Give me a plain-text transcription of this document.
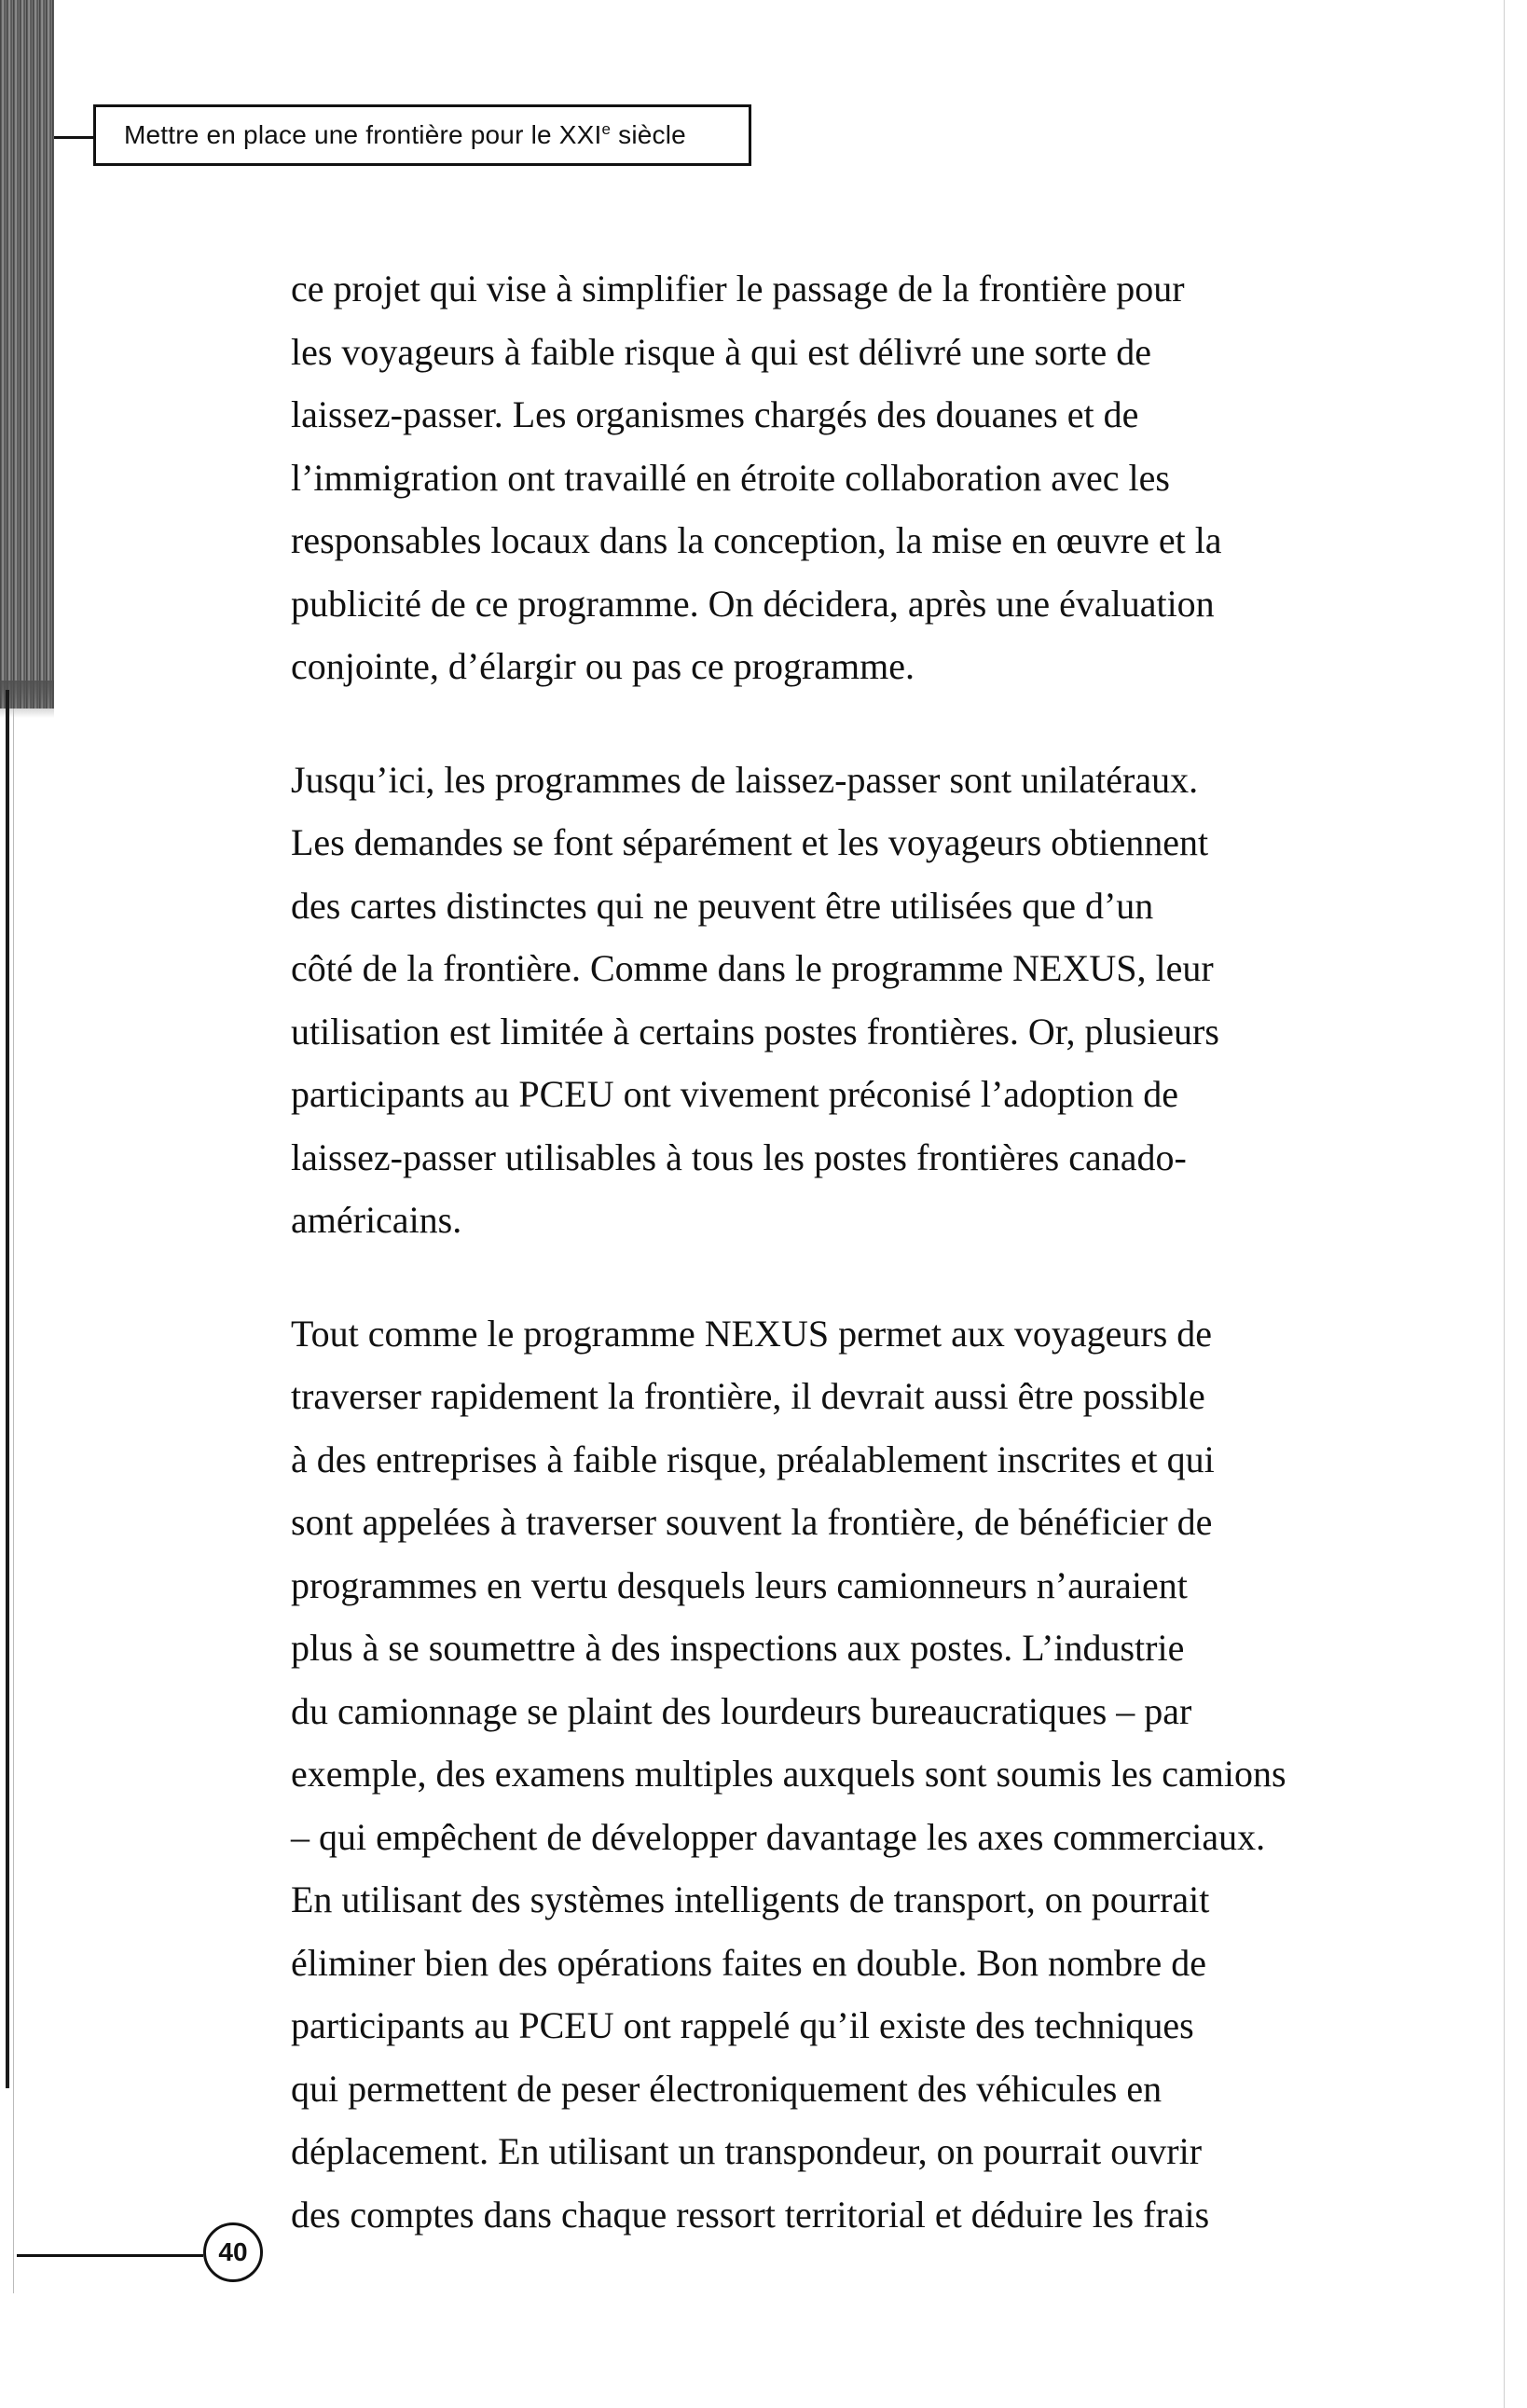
Mettre en place une frontière pour le XXIe siècle
ce projet qui vise à simplifier le passage de la frontière pour
les voyageurs à faible risque à qui est délivré une sorte de
laissez-passer. Les organismes chargés des douanes et de
l’immigration ont travaillé en étroite collaboration avec les
responsables locaux dans la conception, la mise en œuvre et la
publicité de ce programme. On décidera, après une évaluation
conjointe, d’élargir ou pas ce programme.
Jusqu’ici, les programmes de laissez-passer sont unilatéraux.
Les demandes se font séparément et les voyageurs obtiennent
des cartes distinctes qui ne peuvent être utilisées que d’un
côté de la frontière. Comme dans le programme NEXUS, leur
utilisation est limitée à certains postes frontières. Or, plusieurs
participants au PCEU ont vivement préconisé l’adoption de
laissez-passer utilisables à tous les postes frontières canado-
américains.
Tout comme le programme NEXUS permet aux voyageurs de
traverser rapidement la frontière, il devrait aussi être possible
à des entreprises à faible risque, préalablement inscrites et qui
sont appelées à traverser souvent la frontière, de bénéficier de
programmes en vertu desquels leurs camionneurs n’auraient
plus à se soumettre à des inspections aux postes. L’industrie
du camionnage se plaint des lourdeurs bureaucratiques – par
exemple, des examens multiples auxquels sont soumis les camions
– qui empêchent de développer davantage les axes commerciaux.
En utilisant des systèmes intelligents de transport, on pourrait
éliminer bien des opérations faites en double. Bon nombre de
participants au PCEU ont rappelé qu’il existe des techniques
qui permettent de peser électroniquement des véhicules en
déplacement. En utilisant un transpondeur, on pourrait ouvrir
des comptes dans chaque ressort territorial et déduire les frais
40
